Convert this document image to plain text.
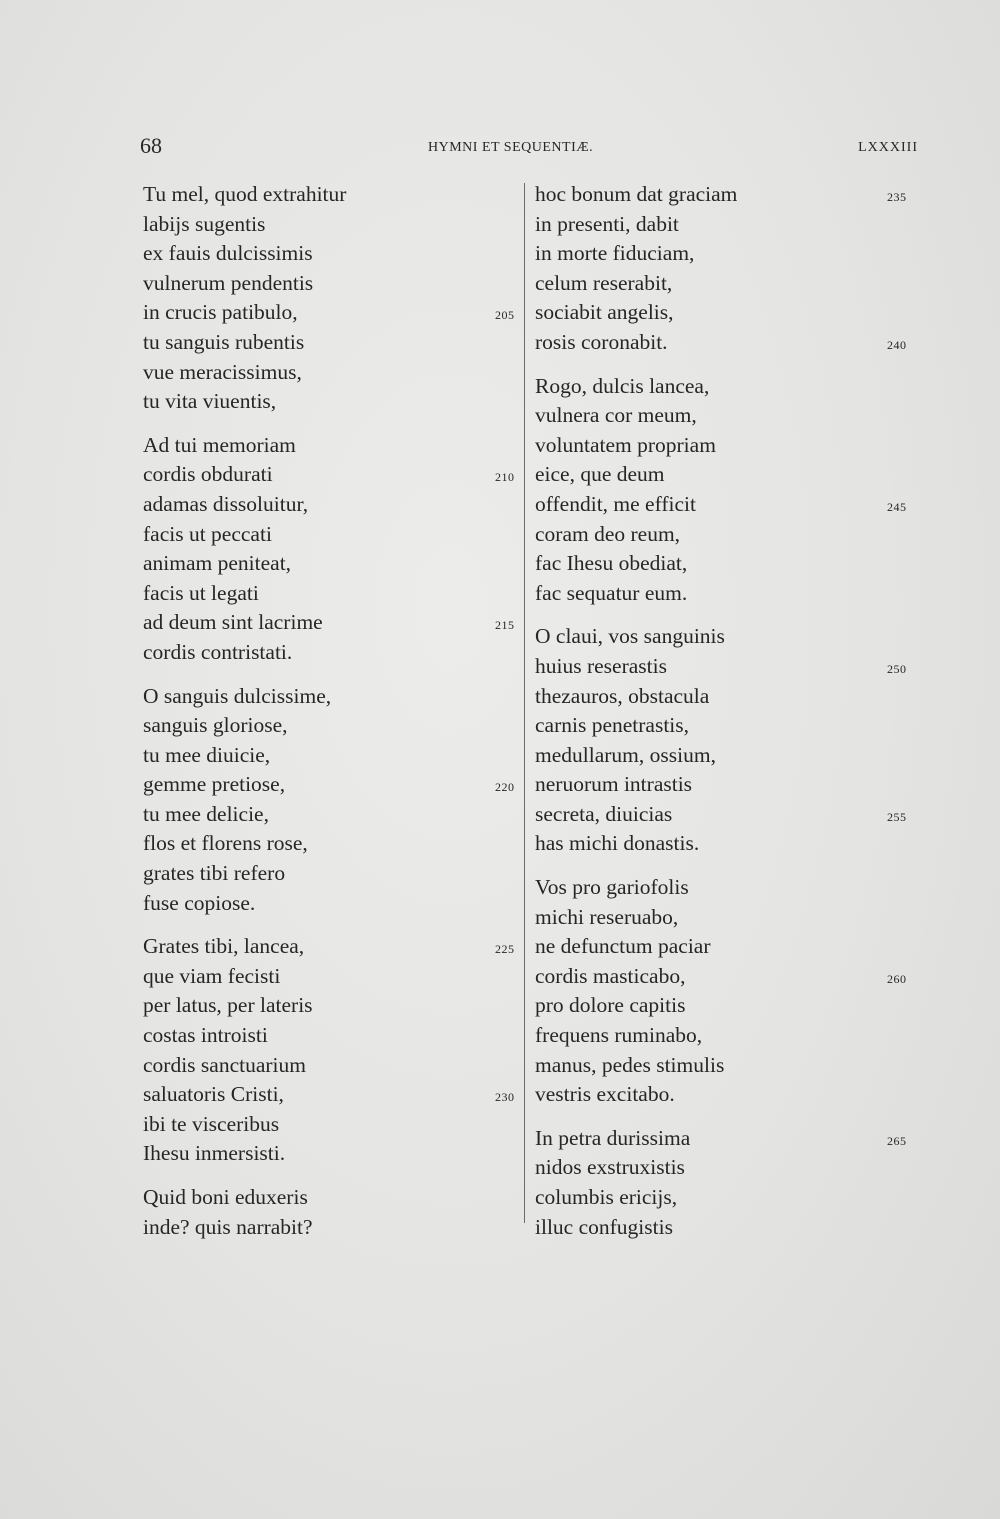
68	HYMNI ET SEQUENTIÆ.	LXXXIII
Tu mel, quod extrahitur
labijs sugentis
ex fauis dulcissimis
vulnerum pendentis
in crucis patibulo,	205
tu sanguis rubentis
vue meracissimus,
tu vita viuentis,
Ad tui memoriam
cordis obdurati	210
adamas dissoluitur,
facis ut peccati
animam peniteat,
facis ut legati
ad deum sint lacrime	215
cordis contristati.
O sanguis dulcissime,
sanguis gloriose,
tu mee diuicie,
gemme pretiose,	220
tu mee delicie,
flos et florens rose,
grates tibi refero
fuse copiose.
Grates tibi, lancea,	225
que viam fecisti
per latus, per lateris
costas introisti
cordis sanctuarium
saluatoris Cristi,	230
ibi te visceribus
Ihesu inmersisti.
Quid boni eduxeris
inde? quis narrabit?
hoc bonum dat graciam	235
in presenti, dabit
in morte fiduciam,
celum reserabit,
sociabit angelis,
rosis coronabit.	240
Rogo, dulcis lancea,
vulnera cor meum,
voluntatem propriam
eice, que deum
offendit, me efficit	245
coram deo reum,
fac Ihesu obediat,
fac sequatur eum.
O claui, vos sanguinis
huius reserastis	250
thezauros, obstacula
carnis penetrastis,
medullarum, ossium,
neruorum intrastis
secreta, diuicias	255
has michi donastis.
Vos pro gariofolis
michi reseruabo,
ne defunctum paciar
cordis masticabo,	260
pro dolore capitis
frequens ruminabo,
manus, pedes stimulis
vestris excitabo.
In petra durissima	265
nidos exstruxistis
columbis ericijs,
illuc confugistis
